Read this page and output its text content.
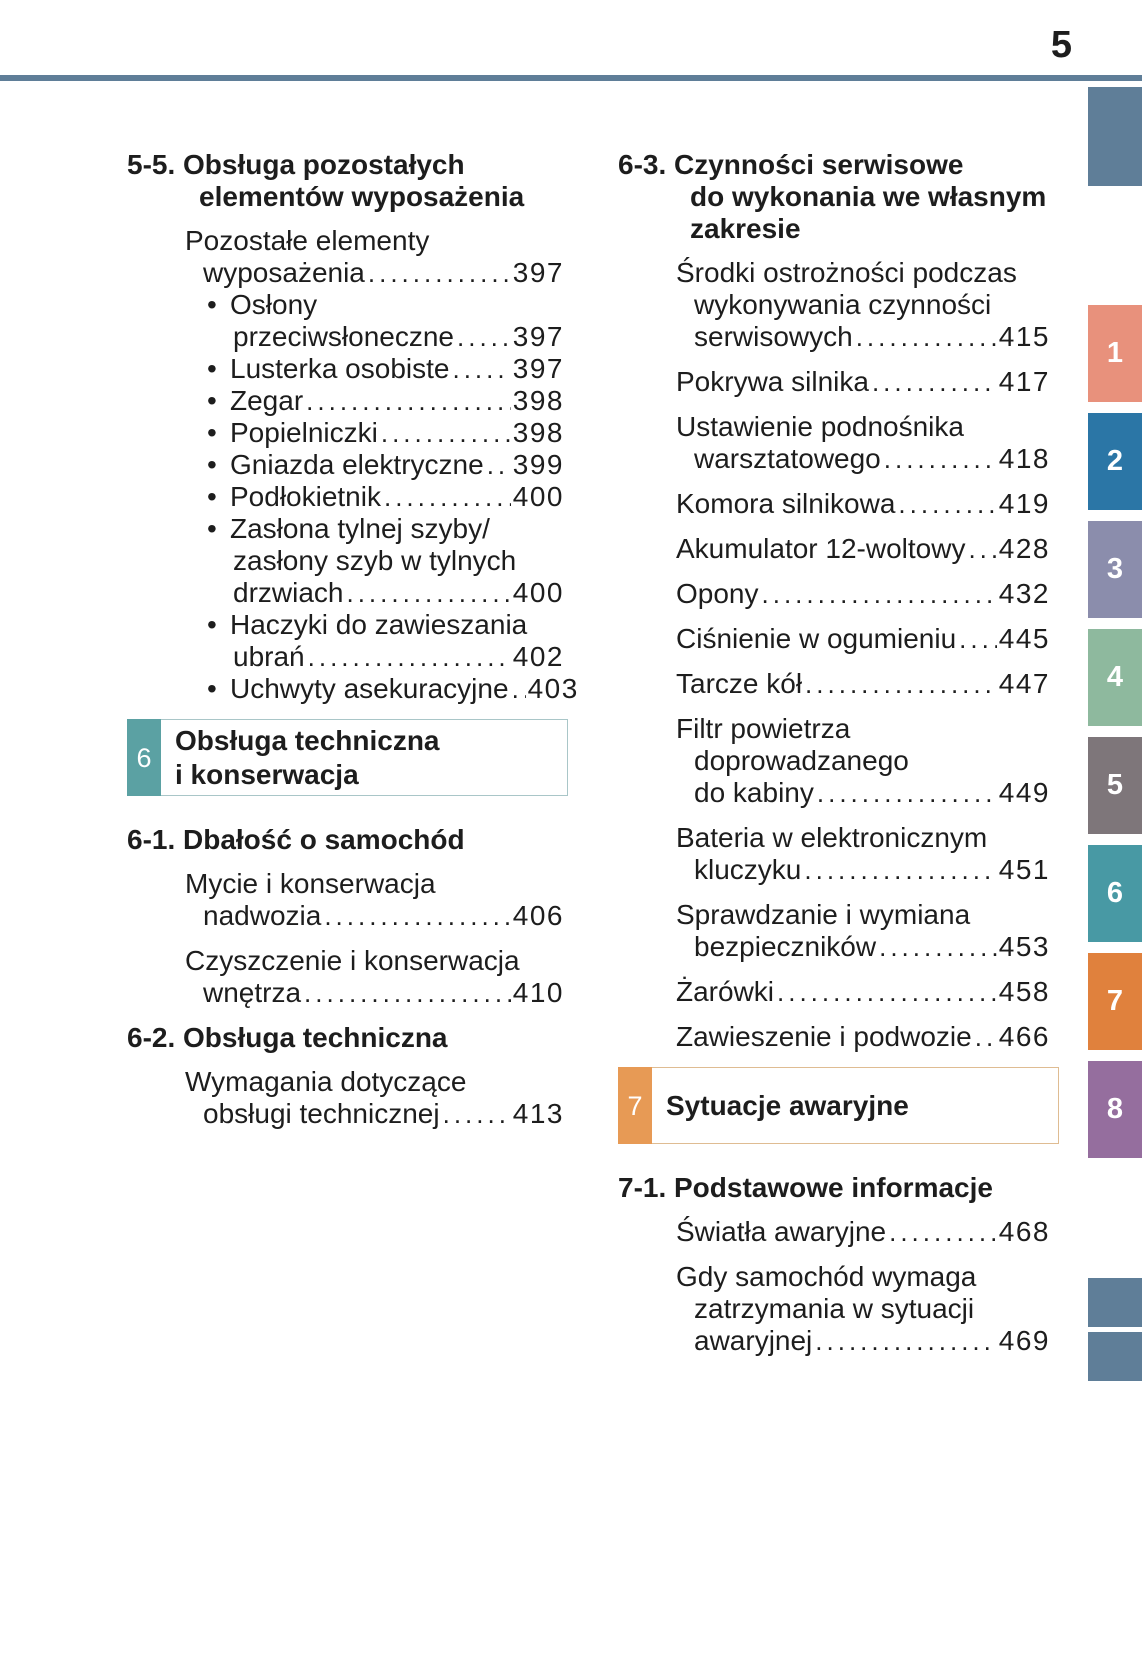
5
5-5. Obsługa pozostałych
elementów wyposażenia
Pozostałe elementy
wyposażenia .....	397
• Osłony
przeciwsłoneczne ..... 397
• Lusterka osobiste ..... 397
• Zegar .....	398
• Popielniczki .....	398
• Gniazda elektryczne ..... 399
• Podłokietnik .....	400
• Zasłona tylnej szyby/
zasłony szyb w tylnych
drzwiach .....	400
• Haczyki do zawieszania
ubrań .....	402
• Uchwyty asekuracyjne ..... 403
6
Obsługa techniczna
i konserwacja
6-1. Dbałość o samochód
Mycie i konserwacja
nadwozia .....	406
Czyszczenie i konserwacja
wnętrza .....	410
6-2. Obsługa techniczna
Wymagania dotyczące
obsługi technicznej .....	413
6-3. Czynności serwisowe
do wykonania we własnym
zakresie
Środki ostrożności podczas
wykonywania czynności
serwisowych .....	415
Pokrywa silnika .....	417
Ustawienie podnośnika
warsztatowego .....	418
Komora silnikowa .....	419
Akumulator 12-woltowy ..... 428
Opony .....	432
Ciśnienie w ogumieniu ..... 445
Tarcze kół .....	447
Filtr powietrza
doprowadzanego
do kabiny .....	449
Bateria w elektronicznym
kluczyku .....	451
Sprawdzanie i wymiana
bezpieczników .....	453
Żarówki .....	458
Zawieszenie i podwozie ..... 466
7 Sytuacje awaryjne
7-1. Podstawowe informacje
Światła awaryjne .....	468
Gdy samochód wymaga
zatrzymania w sytuacji
awaryjnej .....	469
1
2
3
4
5
6
7
8
